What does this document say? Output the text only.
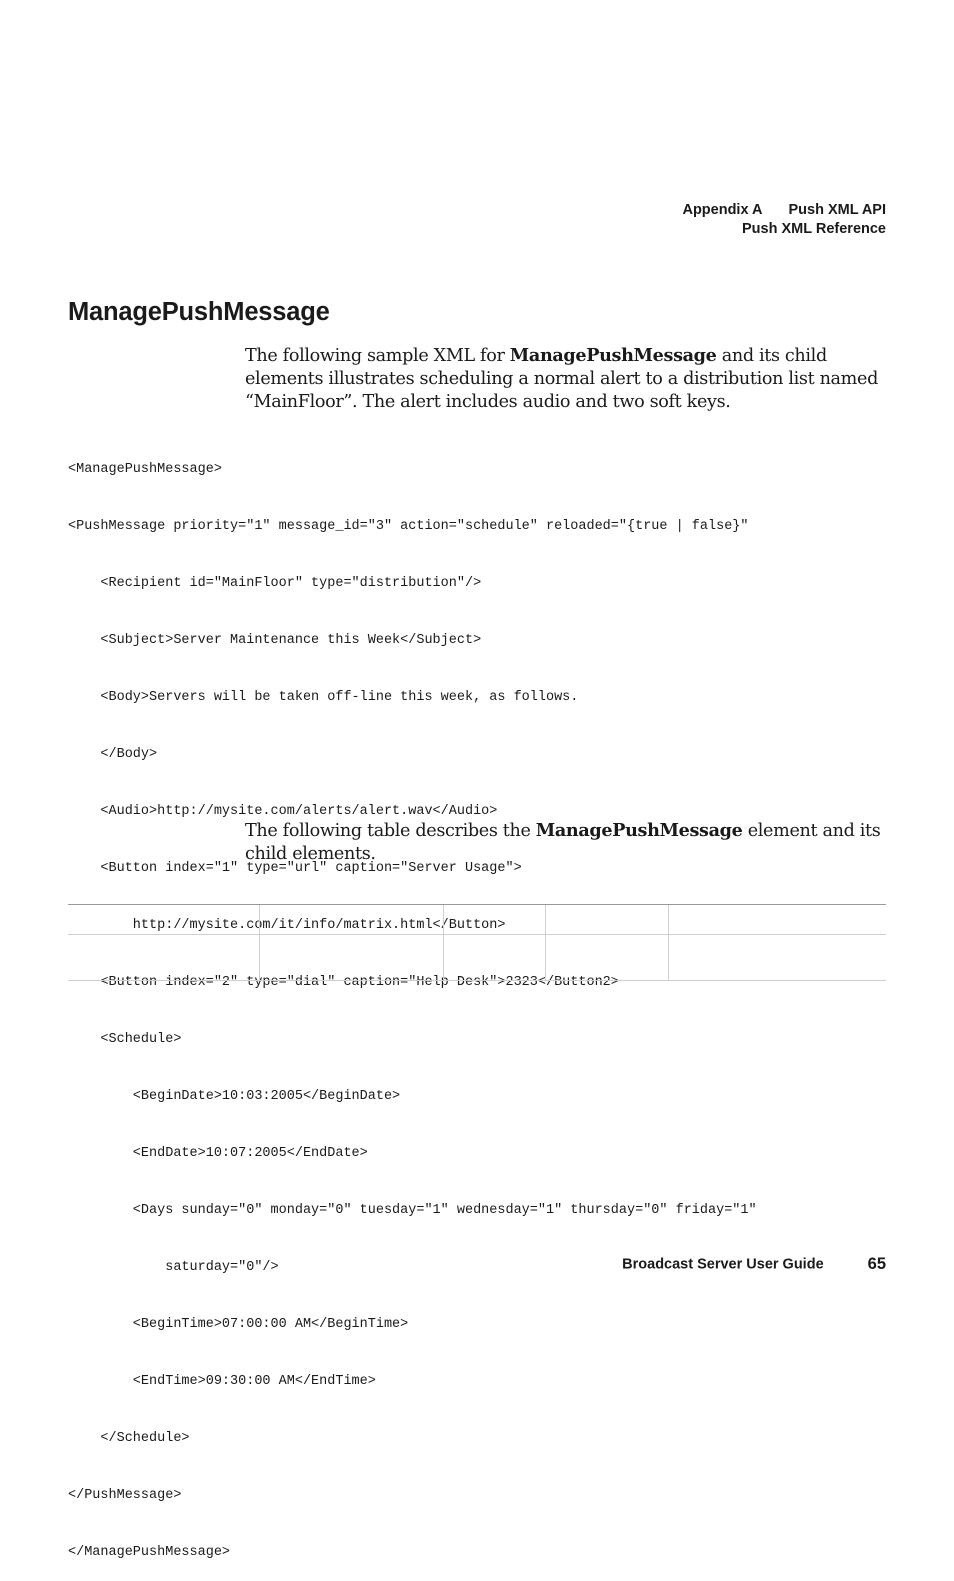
Appendix A Push XML API
Push XML Reference
ManagePushMessage

The following sample XML for ManagePushMessage and its child elements illustrates scheduling a normal alert to a distribution list named “MainFloor”. The alert includes audio and two soft keys.

<ManagePushMessage>

<PushMessage priority="1" message_id="3" action="schedule" reloaded="{true | false}"

<Recipient id="MainFloor" type="distribution"/>

<Subject>Server Maintenance this Week</Subject>

<Body>Servers will be taken off-line this week, as follows.

</Body>

<Audio>http://mysite.com/alerts/alert.wav</Audio>

<Button index="1" type="url" caption="Server Usage">

http://mysite.com/it/info/matrix.html</Button>

<Button index="2" type="dial" caption="Help Desk">2323</Button2>

<Schedule>

<BeginDate>10:03:2005</BeginDate>

<EndDate>10:07:2005</EndDate>

<Days sunday="0" monday="0" tuesday="1" wednesday="1" thursday="0" friday="1"

saturday="0"/>

<BeginTime>07:00:00 AM</BeginTime>

<EndTime>09:30:00 AM</EndTime>

</Schedule>

</PushMessage>

</ManagePushMessage>

The following table describes the ManagePushMessage element and its child elements.

Broadcast Server User Guide	65
